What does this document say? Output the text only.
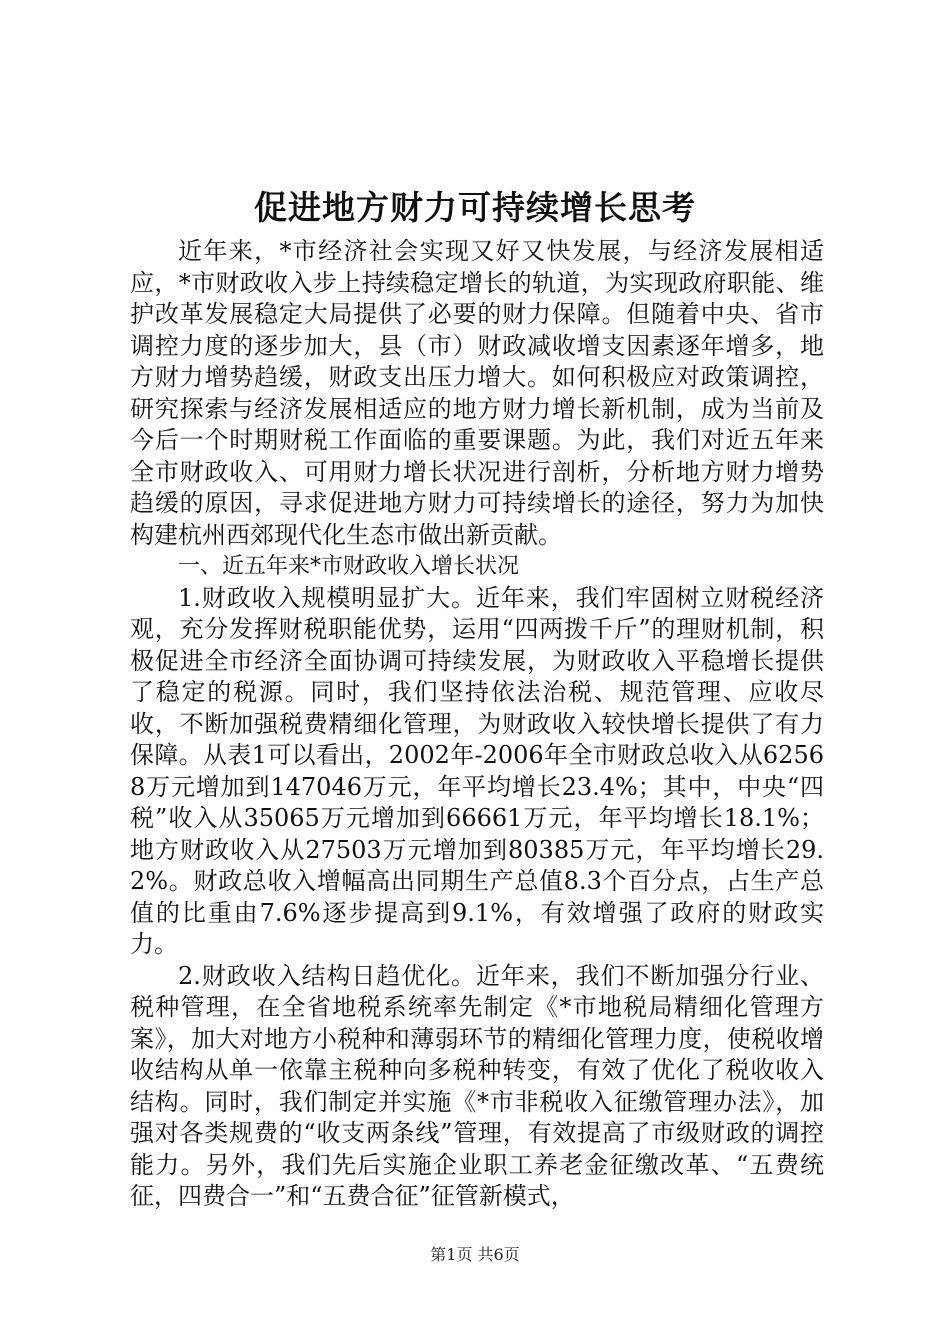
促进地方财力可持续增长思考

近年来，*市经济社会实现又好又快发展，与经济发展相适应，*市财政收入步上持续稳定增长的轨道，为实现政府职能、维护改革发展稳定大局提供了必要的财力保障。但随着中央、省市调控力度的逐步加大，县（市）财政减收增支因素逐年增多，地方财力增势趋缓，财政支出压力增大。如何积极应对政策调控，研究探索与经济发展相适应的地方财力增长新机制，成为当前及今后一个时期财税工作面临的重要课题。为此，我们对近五年来全市财政收入、可用财力增长状况进行剖析，分析地方财力增势趋缓的原因，寻求促进地方财力可持续增长的途径，努力为加快构建杭州西郊现代化生态市做出新贡献。

一、近五年来*市财政收入增长状况

1.财政收入规模明显扩大。近年来，我们牢固树立财税经济观，充分发挥财税职能优势，运用“四两拨千斤”的理财机制，积极促进全市经济全面协调可持续发展，为财政收入平稳增长提供了稳定的税源。同时，我们坚持依法治税、规范管理、应收尽收，不断加强税费精细化管理，为财政收入较快增长提供了有力保障。从表1可以看出，2002年-2006年全市财政总收入从62568万元增加到147046万元，年平均增长23.4%；其中，中央“四税”收入从35065万元增加到66661万元，年平均增长18.1%；地方财政收入从27503万元增加到80385万元，年平均增长29.2%。财政总收入增幅高出同期生产总值8.3个百分点，占生产总值的比重由7.6%逐步提高到9.1%，有效增强了政府的财政实力。

2.财政收入结构日趋优化。近年来，我们不断加强分行业、税种管理，在全省地税系统率先制定《*市地税局精细化管理方案》，加大对地方小税种和薄弱环节的精细化管理力度，使税收增收结构从单一依靠主税种向多税种转变，有效了优化了税收收入结构。同时，我们制定并实施《*市非税收入征缴管理办法》，加强对各类规费的“收支两条线”管理，有效提高了市级财政的调控能力。另外，我们先后实施企业职工养老金征缴改革、“五费统征，四费合一”和“五费合征”征管新模式，

第1页 共6页
